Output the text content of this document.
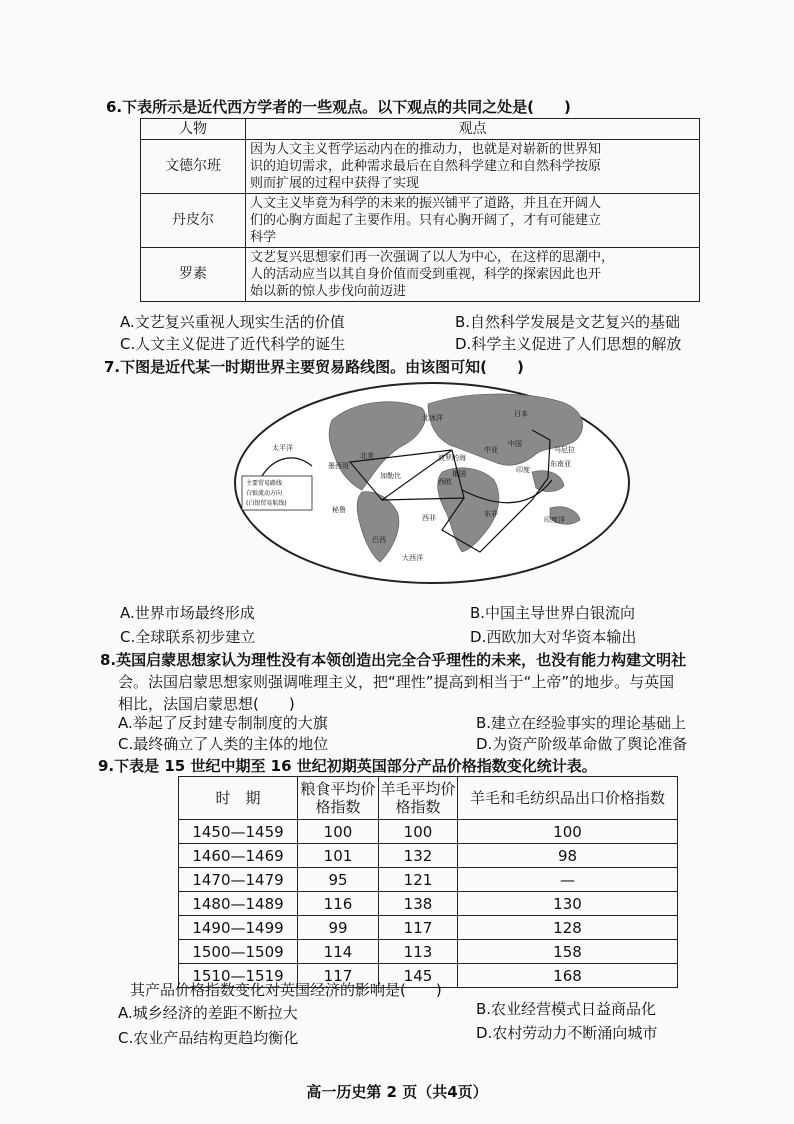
6.下表所示是近代西方学者的一些观点。以下观点的共同之处是(　　)
人物	观点
文德尔班	因为人文主义哲学运动内在的推动力，也就是对崭新的世界知
识的迫切需求，此种需求最后在自然科学建立和自然科学按原
则而扩展的过程中获得了实现

丹皮尔	人文主义毕竟为科学的未来的振兴铺平了道路，并且在开阔人
们的心胸方面起了主要作用。只有心胸开阔了，才有可能建立
科学

罗素	文艺复兴思想家们再一次强调了以人为中心，在这样的思潮中，
人的活动应当以其自身价值而受到重视，科学的探索因此也开
始以新的惊人步伐向前迈进
A.文艺复兴重视人现实生活的价值	B.自然科学发展是文艺复兴的基础
C.人文主义促进了近代科学的诞生	D.科学主义促进了人们思想的解放
7.下图是近代某一时期世界主要贸易路线图。由该图可知(　　)
主要贸易路线
白银流动方向
(白银贸易航线)
太平洋
北冰洋	日本
中国
马尼拉
东南亚
北美	波罗的海
俄国
中亚
印度
西欧
墨西哥
加勒比
西非	东非
巴西
秘鲁
大西洋
印度洋
A.世界市场最终形成	B.中国主导世界白银流向
C.全球联系初步建立	D.西欧加大对华资本输出
8.英国启蒙思想家认为理性没有本领创造出完全合乎理性的未来，也没有能力构建文明社
会。法国启蒙思想家则强调唯理主义，把“理性”提高到相当于“上帝”的地步。与英国
相比，法国启蒙思想(　　)
A.举起了反封建专制制度的大旗	B.建立在经验事实的理论基础上
C.最终确立了人类的主体的地位	D.为资产阶级革命做了舆论准备
9.下表是 15 世纪中期至 16 世纪初期英国部分产品价格指数变化统计表。
时　期	粮食平均价格指数	羊毛平均价格指数	羊毛和毛纺织品出口价格指数
1450—1459	100	100	100
1460—1469	101	132	98
1470—1479	95	121	—
1480—1489	116	138	130
1490—1499	99	117	128
1500—1509	114	113	158
1510—1519	117	145	168
其产品价格指数变化对英国经济的影响是(　　)
A.城乡经济的差距不断拉大	B.农业经营模式日益商品化
C.农业产品结构更趋均衡化	D.农村劳动力不断涌向城市
高一历史第 2 页（共4页）
